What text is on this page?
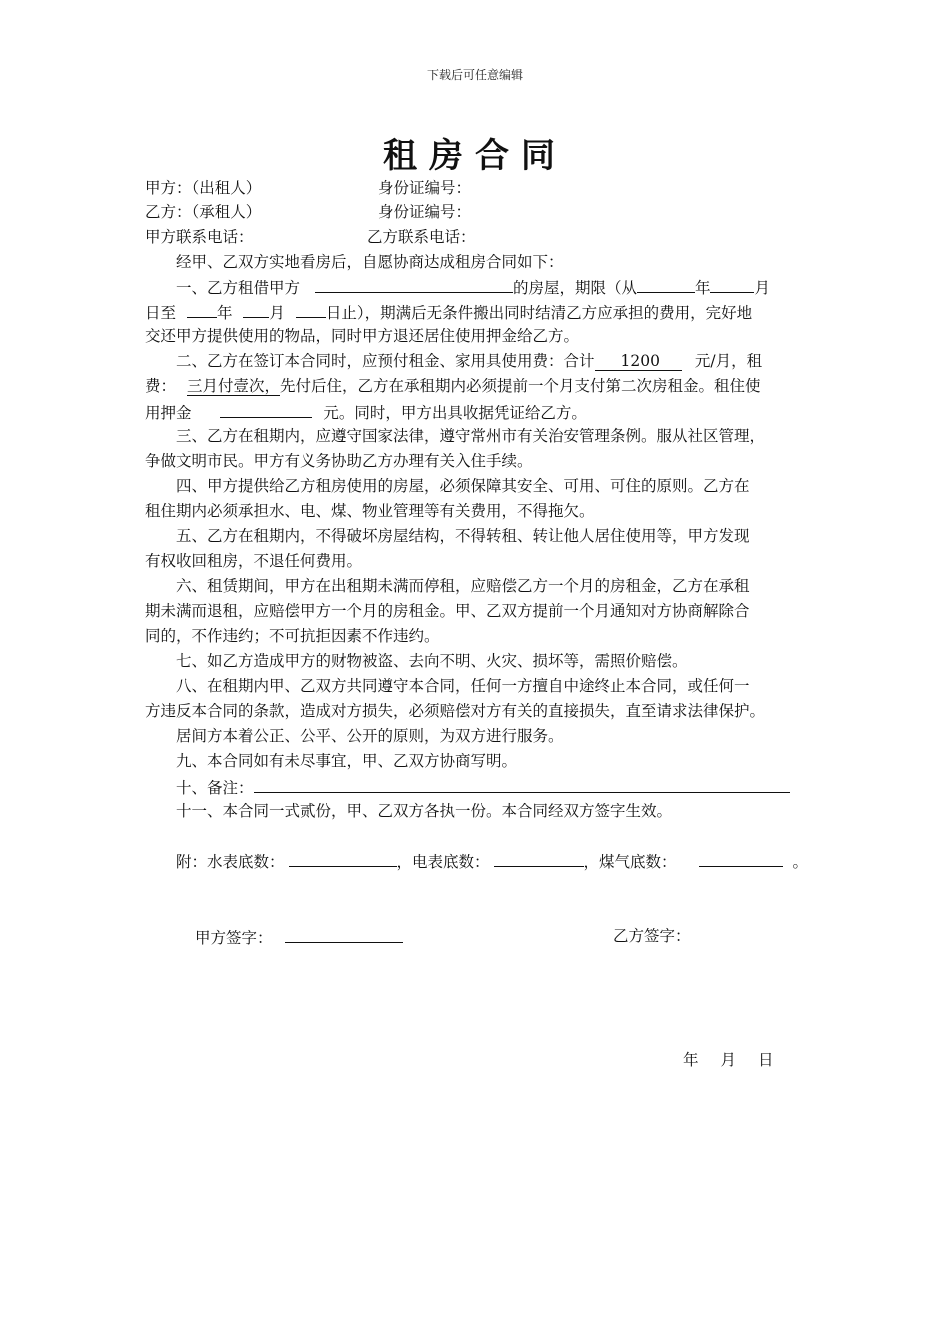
下载后可任意编辑
租房合同
甲方：（出租人）	身份证编号：
乙方：（承租人）	身份证编号：
甲方联系电话：	乙方联系电话：
经甲、乙双方实地看房后，自愿协商达成租房合同如下：
一、乙方租借甲方	的房屋，期限（从	年	月
日至	年 月	日止），期满后无条件搬出同时结清乙方应承担的费用，完好地
交还甲方提供使用的物品，同时甲方退还居住使用押金给乙方。
二、乙方在签订本合同时，应预付租金、家用具使用费：合计 1200 元/月，租
费： 三月付壹次，先付后住，乙方在承租期内必须提前一个月支付第二次房租金。租住使
用押金	元。同时，甲方出具收据凭证给乙方。
三、乙方在租期内，应遵守国家法律，遵守常州市有关治安管理条例。服从社区管理，
争做文明市民。甲方有义务协助乙方办理有关入住手续。
四、甲方提供给乙方租房使用的房屋，必须保障其安全、可用、可住的原则。乙方在
租住期内必须承担水、电、煤、物业管理等有关费用，不得拖欠。
五、乙方在租期内，不得破坏房屋结构，不得转租、转让他人居住使用等，甲方发现
有权收回租房，不退任何费用。
六、租赁期间，甲方在出租期未满而停租，应赔偿乙方一个月的房租金，乙方在承租
期未满而退租，应赔偿甲方一个月的房租金。甲、乙双方提前一个月通知对方协商解除合
同的，不作违约；不可抗拒因素不作违约。
七、如乙方造成甲方的财物被盗、去向不明、火灾、损坏等，需照价赔偿。
八、在租期内甲、乙双方共同遵守本合同，任何一方擅自中途终止本合同，或任何一
方违反本合同的条款，造成对方损失，必须赔偿对方有关的直接损失，直至请求法律保护。
居间方本着公正、公平、公开的原则，为双方进行服务。
九、本合同如有未尽事宜，甲、乙双方协商写明。
十、备注：
十一、本合同一式贰份，甲、乙双方各执一份。本合同经双方签字生效。
附：水表底数：	，电表底数：	，煤气底数：	。
甲方签字：	乙方签字：
年 月 日
